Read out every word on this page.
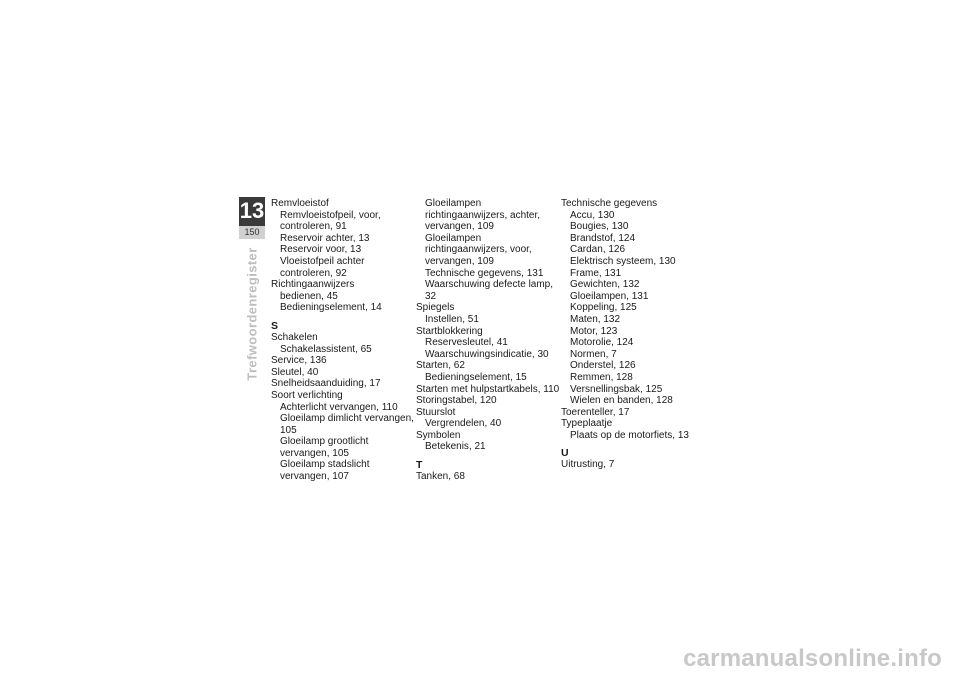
13
150
Trefwoordenregister
Remvloeistof
Remvloeistofpeil, voor, controleren, 91
Reservoir achter, 13
Reservoir voor, 13
Vloeistofpeil achter controleren, 92
Richtingaanwijzers
bedienen, 45
Bedieningselement, 14
S
Schakelen
Schakelassistent, 65
Service, 136
Sleutel, 40
Snelheidsaanduiding, 17
Soort verlichting
Achterlicht vervangen, 110
Gloeilamp dimlicht vervangen, 105
Gloeilamp grootlicht vervangen, 105
Gloeilamp stadslicht vervangen, 107
Gloeilampen richtingaanwijzers, achter, vervangen, 109
Gloeilampen richtingaanwijzers, voor, vervangen, 109
Technische gegevens, 131
Waarschuwing defecte lamp, 32
Spiegels
Instellen, 51
Startblokkering
Reservesleutel, 41
Waarschuwingsindicatie, 30
Starten, 62
Bedieningselement, 15
Starten met hulpstartkabels, 110
Storingstabel, 120
Stuurslot
Vergrendelen, 40
Symbolen
Betekenis, 21
T
Tanken, 68
Technische gegevens
Accu, 130
Bougies, 130
Brandstof, 124
Cardan, 126
Elektrisch systeem, 130
Frame, 131
Gewichten, 132
Gloeilampen, 131
Koppeling, 125
Maten, 132
Motor, 123
Motorolie, 124
Normen, 7
Onderstel, 126
Remmen, 128
Versnellingsbak, 125
Wielen en banden, 128
Toerenteller, 17
Typeplaatje
Plaats op de motorfiets, 13
U
Uitrusting, 7
carmanualsonline.info
